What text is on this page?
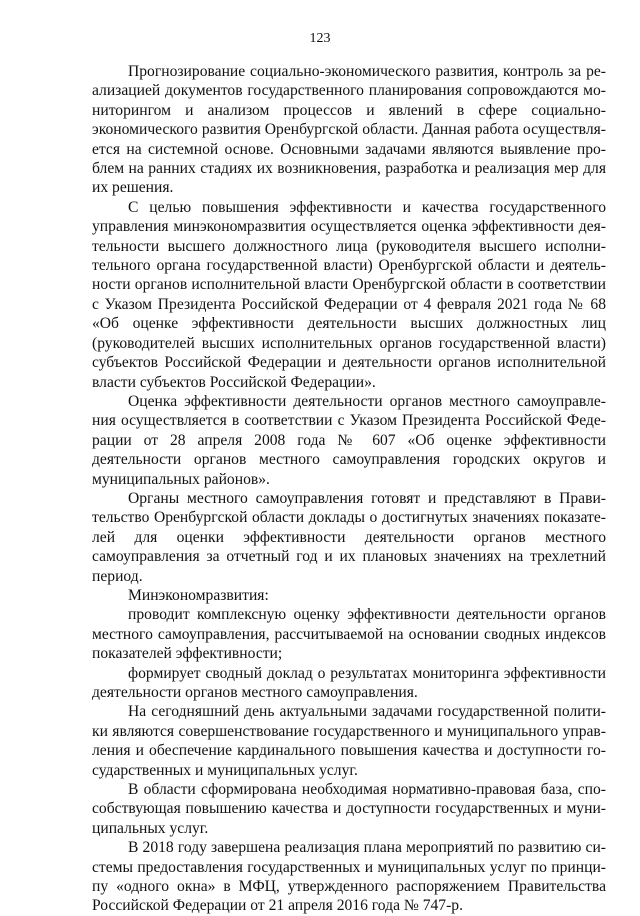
123

Прогнозирование социально-экономического развития, контроль за реализацией документов государственного планирования сопровождаются мониторингом и анализом процессов и явлений в сфере социально-экономического развития Оренбургской области. Данная работа осуществляется на системной основе. Основными задачами являются выявление проблем на ранних стадиях их возникновения, разработка и реализация мер для их решения.

С целью повышения эффективности и качества государственного управления минэкономразвития осуществляется оценка эффективности деятельности высшего должностного лица (руководителя высшего исполнительного органа государственной власти) Оренбургской области и деятельности органов исполнительной власти Оренбургской области в соответствии с Указом Президента Российской Федерации от 4 февраля 2021 года № 68 «Об оценке эффективности деятельности высших должностных лиц (руководителей высших исполнительных органов государственной власти) субъектов Российской Федерации и деятельности органов исполнительной власти субъектов Российской Федерации».

Оценка эффективности деятельности органов местного самоуправления осуществляется в соответствии с Указом Президента Российской Федерации от 28 апреля 2008 года № 607 «Об оценке эффективности деятельности органов местного самоуправления городских округов и муниципальных районов».

Органы местного самоуправления готовят и представляют в Правительство Оренбургской области доклады о достигнутых значениях показателей для оценки эффективности деятельности органов местного самоуправления за отчетный год и их плановых значениях на трехлетний период.

Минэкономразвития:

проводит комплексную оценку эффективности деятельности органов местного самоуправления, рассчитываемой на основании сводных индексов показателей эффективности;

формирует сводный доклад о результатах мониторинга эффективности деятельности органов местного самоуправления.

На сегодняшний день актуальными задачами государственной политики являются совершенствование государственного и муниципального управления и обеспечение кардинального повышения качества и доступности государственных и муниципальных услуг.

В области сформирована необходимая нормативно-правовая база, способствующая повышению качества и доступности государственных и муниципальных услуг.

В 2018 году завершена реализация плана мероприятий по развитию системы предоставления государственных и муниципальных услуг по принципу «одного окна» в МФЦ, утвержденного распоряжением Правительства Российской Федерации от 21 апреля 2016 года № 747-р.
